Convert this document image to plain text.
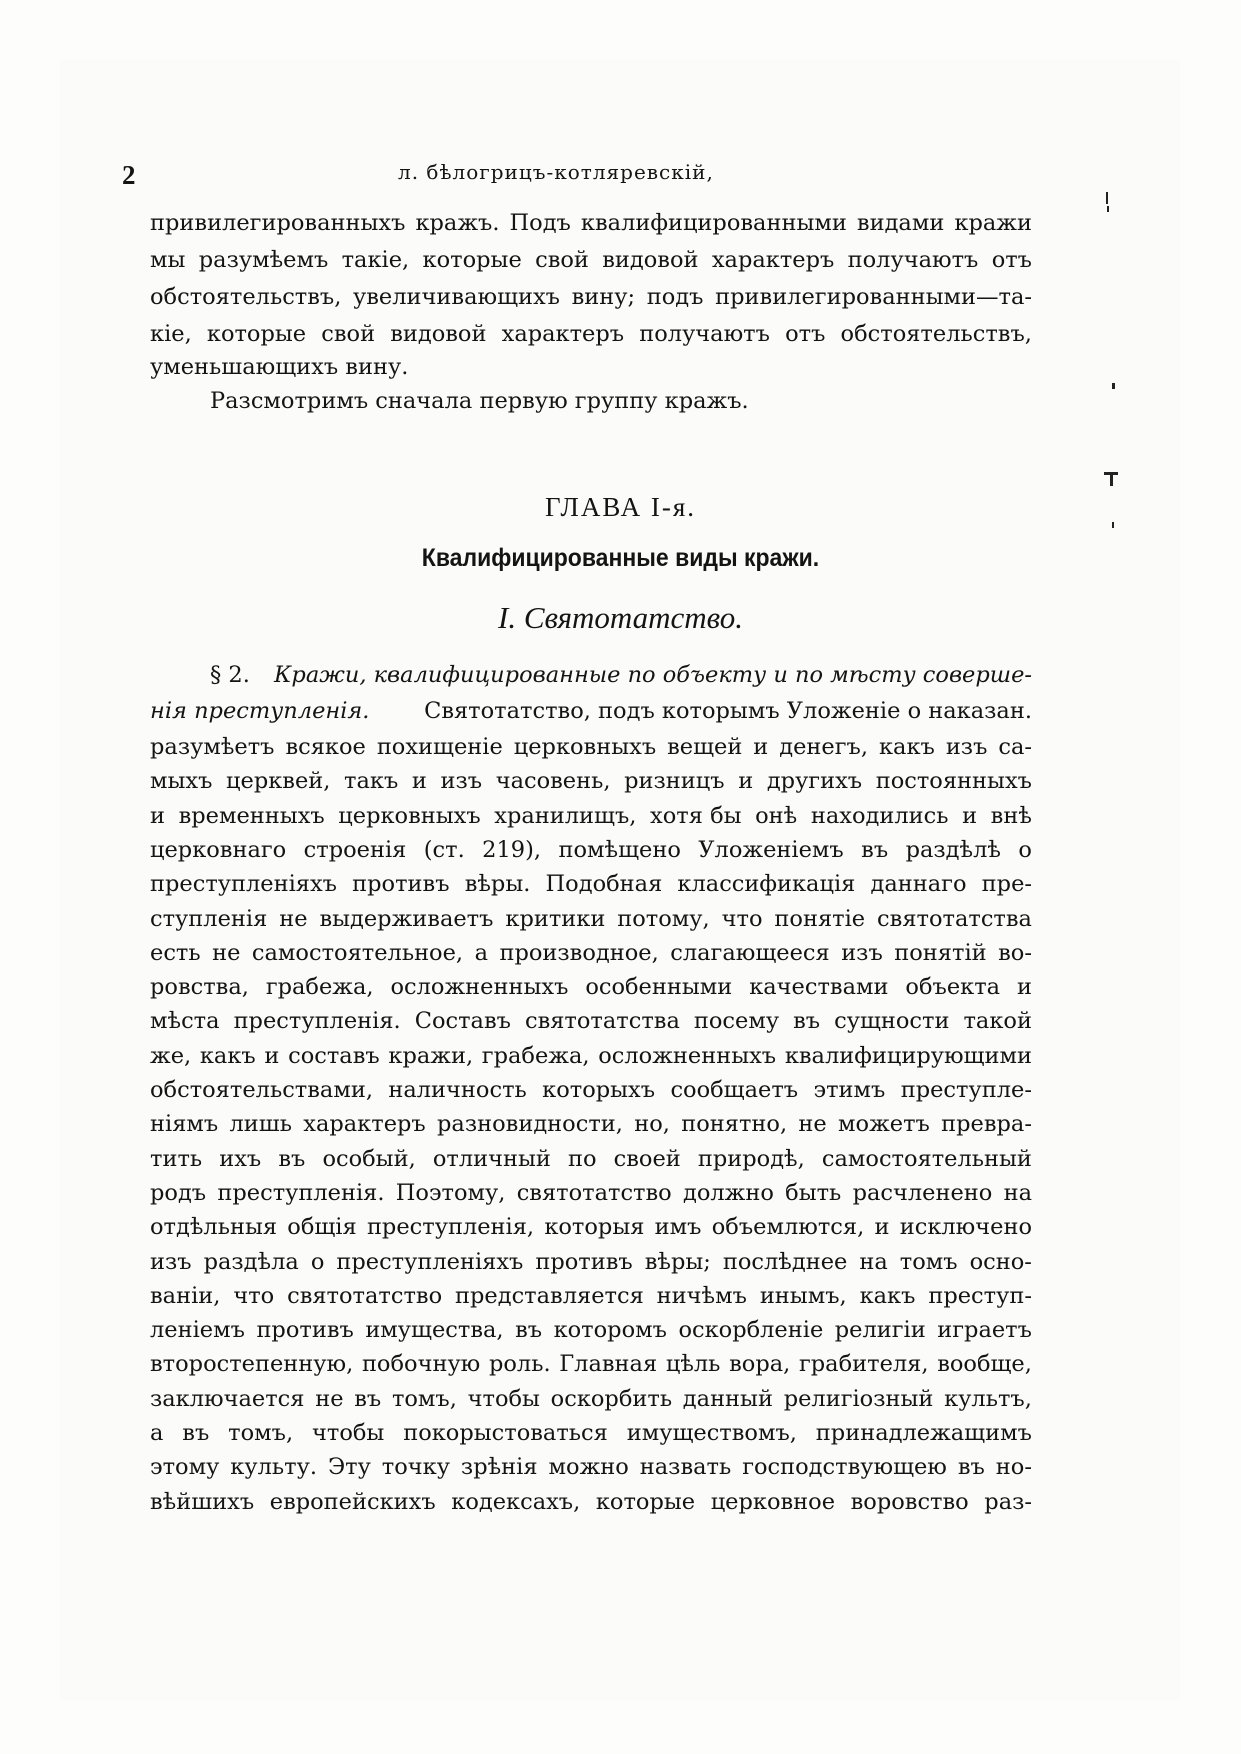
2	л. бѣлогрицъ-котляревскій,
привилегированныхъ кражъ. Подъ квалифицированными видами кражи
мы разумѣемъ такіе, которые свой видовой характеръ получаютъ отъ
обстоятельствъ, увеличивающихъ вину; подъ привилегированными—та-
кіе, которые свой видовой характеръ получаютъ отъ обстоятельствъ,
уменьшающихъ вину.
Разсмотримъ сначала первую группу кражъ.
ГЛАВА І-я.
Квалифицированные виды кражи.
I. Святотатство.
§ 2.	Кражи, квалифицированные по объекту и по мѣсту соверше-
нія преступленія. Святотатство, подъ которымъ Уложеніе о наказан.
разумѣетъ всякое похищеніе церковныхъ вещей и денегъ, какъ изъ са-
мыхъ церквей, такъ и изъ часовень, ризницъ и другихъ постоянныхъ
и временныхъ церковныхъ хранилищъ, хотя бы онѣ находились и внѣ
церковнаго строенія (ст. 219), помѣщено Уложеніемъ въ раздѣлѣ о
преступленіяхъ противъ вѣры. Подобная классификація даннаго пре-
ступленія не выдерживаетъ критики потому, что понятіе святотатства
есть не самостоятельное, а производное, слагающееся изъ понятій во-
ровства, грабежа, осложненныхъ особенными качествами объекта и
мѣста преступленія. Составъ святотатства посему въ сущности такой
же, какъ и составъ кражи, грабежа, осложненныхъ квалифицирующими
обстоятельствами, наличность которыхъ сообщаетъ этимъ преступле-
ніямъ лишь характеръ разновидности, но, понятно, не можетъ превра-
тить ихъ въ особый, отличный по своей природѣ, самостоятельный
родъ преступленія. Поэтому, святотатство должно быть расчленено на
отдѣльныя общія преступленія, которыя имъ объемлются, и исключено
изъ раздѣла о преступленіяхъ противъ вѣры; послѣднее на томъ осно-
ваніи, что святотатство представляется ничѣмъ инымъ, какъ преступ-
леніемъ противъ имущества, въ которомъ оскорбленіе религіи играетъ
второстепенную, побочную роль. Главная цѣль вора, грабителя, вообще,
заключается не въ томъ, чтобы оскорбить данный религіозный культъ,
а въ томъ, чтобы покорыстоваться имуществомъ, принадлежащимъ
этому культу. Эту точку зрѣнія можно назвать господствующею въ но-
вѣйшихъ европейскихъ кодексахъ, которые церковное воровство раз-
